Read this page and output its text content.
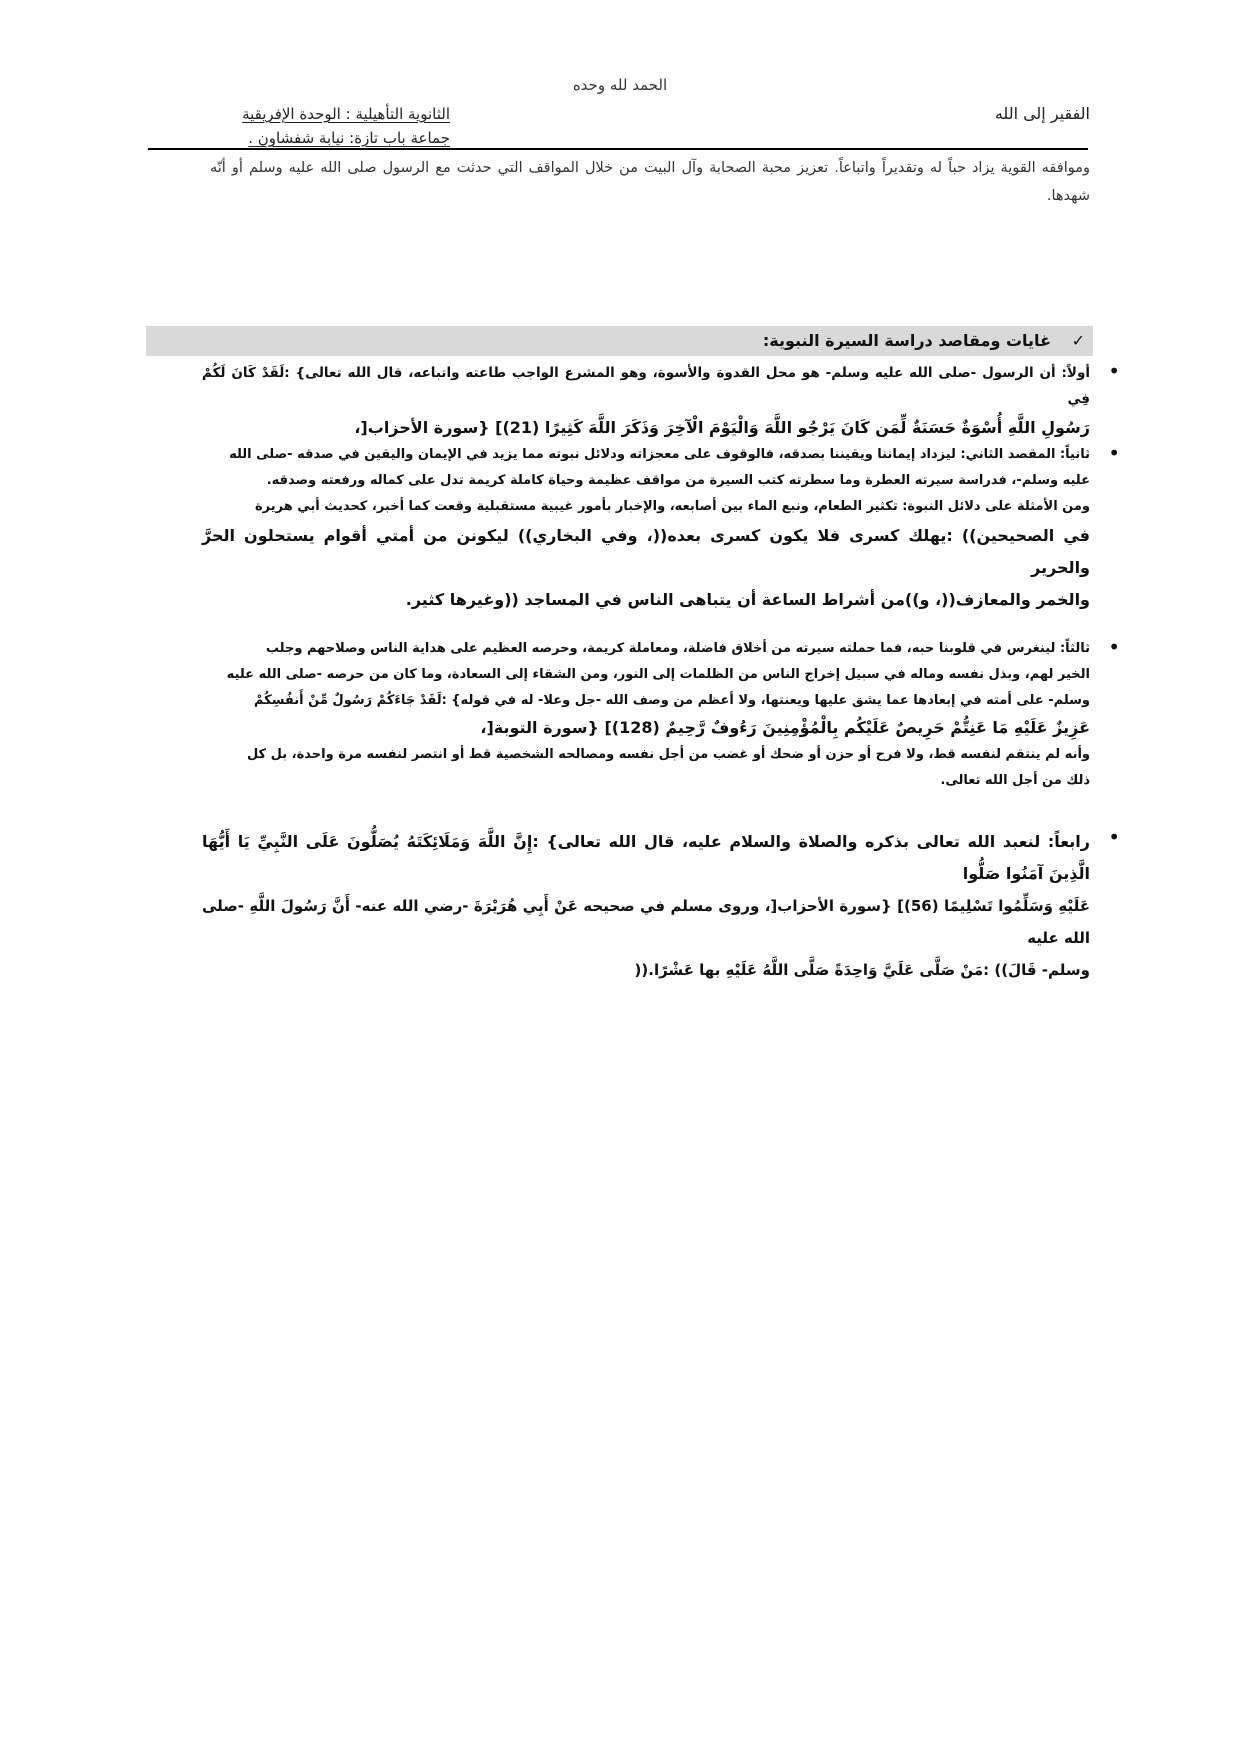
الحمد لله وحده
الفقير إلى الله
الثانوية التأهيلية : الوحدة الإفريقية
جماعة باب تازة: نيابة شفشاون .
وموافقه القوية يزاد حباً له وتقديراً واتباعاً. تعزيز محبة الصحابة وآل البيت من خلال المواقف التي حدثت مع الرسول صلى الله عليه وسلم أو أنّه شهدها.
✓
غايات ومقاصد دراسة السيرة النبوية:
•
أولاً: أن الرسول -صلى الله عليه وسلم- هو محل القدوة والأسوة، وهو المشرع الواجب طاعته واتباعه، قال الله تعالى} :لَقَدْ كَانَ لَكُمْ فِي
رَسُولِ اللَّهِ أُسْوَةٌ حَسَنَةٌ لِّمَن كَانَ يَرْجُو اللَّهَ وَالْيَوْمَ الْآخِرَ وَذَكَرَ اللَّهَ كَثِيرًا (21)] {سورة الأحزاب[،
•
ثانياً: المقصد الثاني: ليزداد إيماننا ويقيننا بصدقه، فالوقوف على معجزاته ودلائل نبوته مما يزيد في الإيمان واليقين في صدقه -صلى الله
عليه وسلم-، فدراسة سيرته العطرة وما سطرته كتب السيرة من مواقف عظيمة وحياة كاملة كريمة تدل على كماله ورفعته وصدقه.
ومن الأمثلة على دلائل النبوة: تكثير الطعام، ونبع الماء بين أصابعه، والإخبار بأمور غيبية مستقبلية وقعت كما أخبر، كحديث أبي هريرة
في الصحيحين)) :يهلك كسرى فلا يكون كسرى بعده((، وفي البخاري)) ليكونن من أمتي أقوام يستحلون الحرَّ والحرير
والخمر والمعازف((، و))من أشراط الساعة أن يتباهى الناس في المساجد ((وغيرها كثير.
•
ثالثاً: لينغرس في قلوبنا حبه، فما حملته سيرته من أخلاق فاضلة، ومعاملة كريمة، وحرصه العظيم على هداية الناس وصلاحهم وجلب
الخير لهم، وبذل نفسه وماله في سبيل إخراج الناس من الظلمات إلى النور، ومن الشقاء إلى السعادة، وما كان من حرصه -صلى الله عليه
وسلم- على أمته في إبعادها عما يشق عليها ويعنتها، ولا أعظم من وصف الله -جل وعلا- له في قوله} :لَقَدْ جَاءَكُمْ رَسُولٌ مِّنْ أَنفُسِكُمْ
عَزِيزٌ عَلَيْهِ مَا عَنِتُّمْ حَرِيصٌ عَلَيْكُم بِالْمُؤْمِنِينَ رَءُوفٌ رَّحِيمٌ (128)] {سورة التوبة[،
وأنه لم ينتقم لنفسه قط، ولا فرح أو حزن أو ضحك أو غضب من أجل نفسه ومصالحه الشخصية قط أو انتصر لنفسه مرة واحدة، بل كل
ذلك من أجل الله تعالى.
•
رابعاً: لنعبد الله تعالى بذكره والصلاة والسلام عليه، قال الله تعالى} :إِنَّ اللَّهَ وَمَلَائِكَتَهُ يُصَلُّونَ عَلَى النَّبِيِّ يَا أَيُّهَا الَّذِينَ آمَنُوا صَلُّوا
عَلَيْهِ وَسَلِّمُوا تَسْلِيمًا (56)] {سورة الأحزاب[، وروى مسلم في صحيحه عَنْ أَبِي هُرَيْرَةَ -رضي الله عنه- أَنَّ رَسُولَ اللَّهِ -صلى الله عليه
وسلم- قَالَ)) :مَنْ صَلَّى عَلَيَّ وَاحِدَةً صَلَّى اللَّهُ عَلَيْهِ بها عَشْرًا.((
